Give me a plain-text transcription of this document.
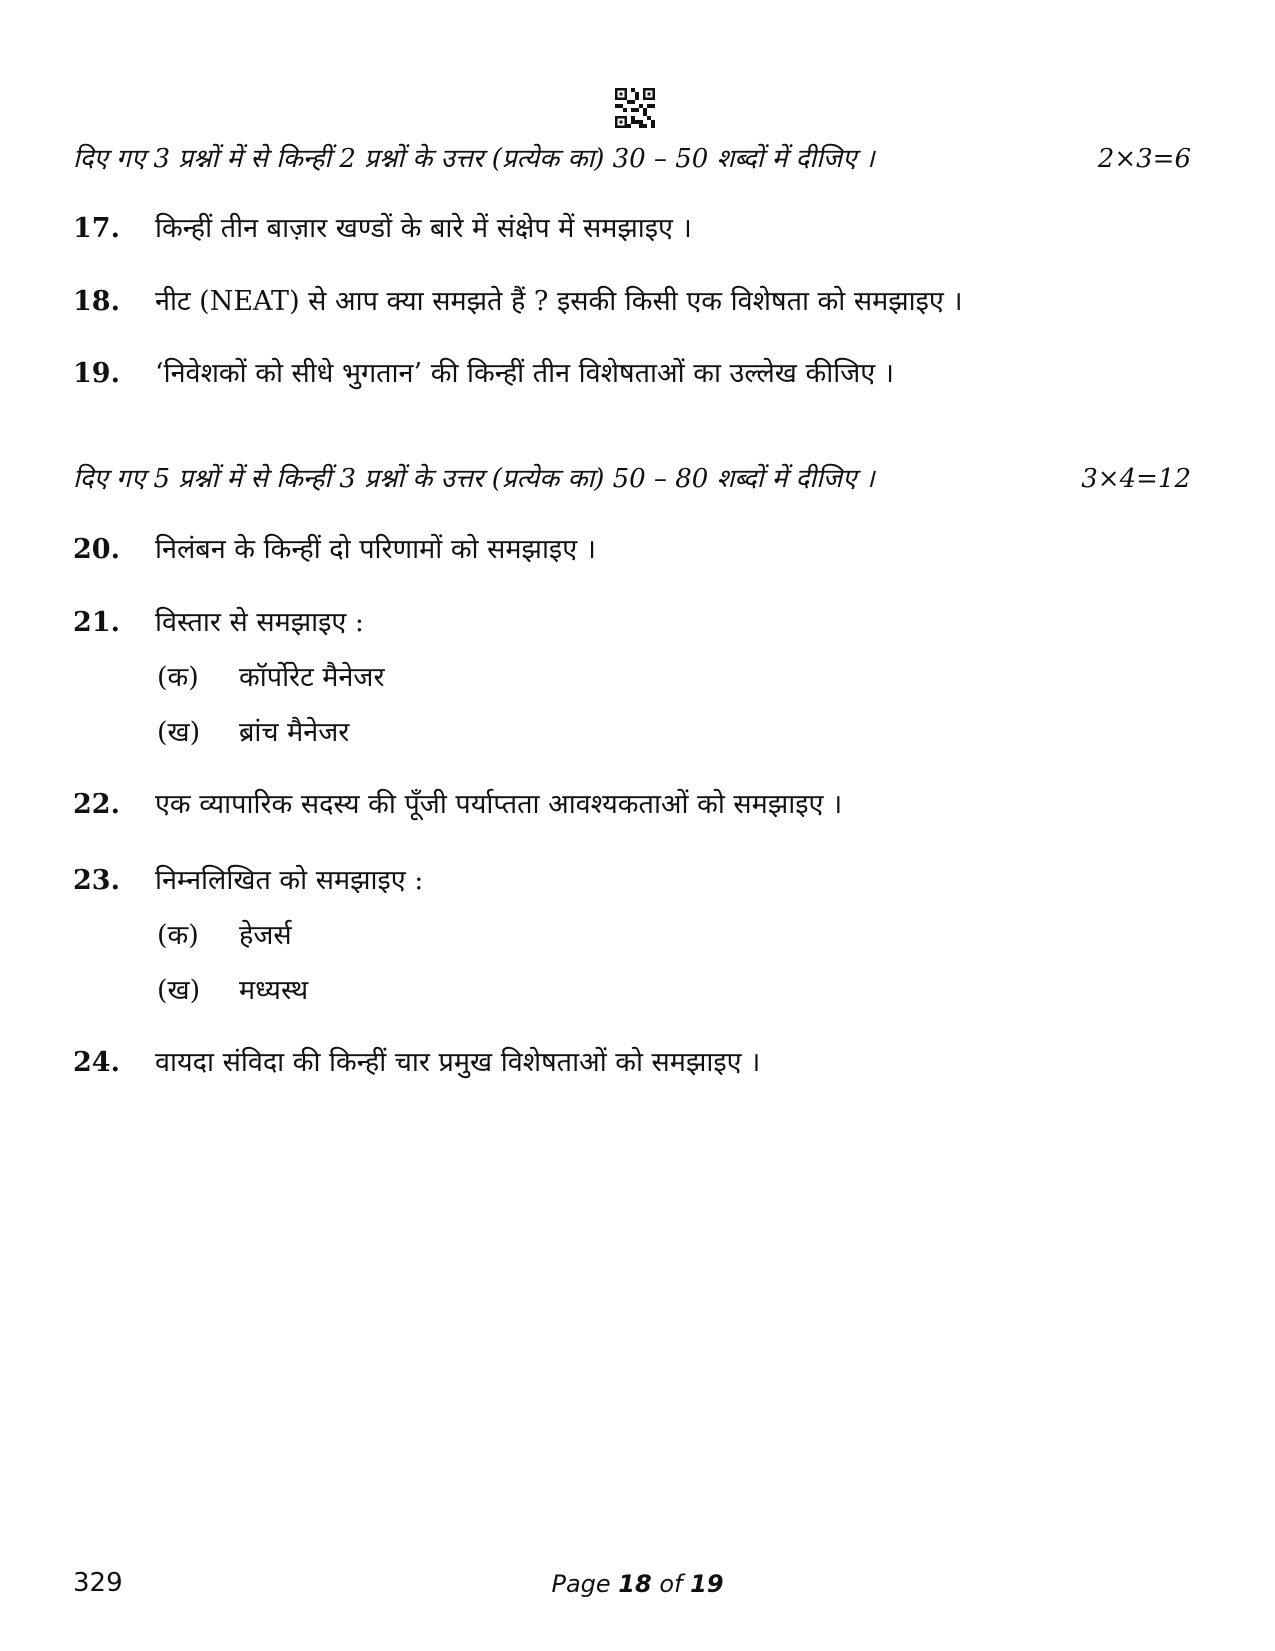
दिए गए 3 प्रश्नों में से किन्हीं 2 प्रश्नों के उत्तर (प्रत्येक का) 30 – 50 शब्दों में दीजिए ।	2×3=6
17. किन्हीं तीन बाज़ार खण्डों के बारे में संक्षेप में समझाइए ।
18. नीट (NEAT) से आप क्या समझते हैं ? इसकी किसी एक विशेषता को समझाइए ।
19. ‘निवेशकों को सीधे भुगतान’ की किन्हीं तीन विशेषताओं का उल्लेख कीजिए ।
दिए गए 5 प्रश्नों में से किन्हीं 3 प्रश्नों के उत्तर (प्रत्येक का) 50 – 80 शब्दों में दीजिए ।	3×4=12
20. निलंबन के किन्हीं दो परिणामों को समझाइए ।
21. विस्तार से समझाइए :
(क) कॉर्पोरेट मैनेजर
(ख) ब्रांच मैनेजर
22. एक व्यापारिक सदस्य की पूँजी पर्याप्तता आवश्यकताओं को समझाइए ।
23. निम्नलिखित को समझाइए :
(क) हेजर्स
(ख) मध्यस्थ
24. वायदा संविदा की किन्हीं चार प्रमुख विशेषताओं को समझाइए ।
329	Page 18 of 19
